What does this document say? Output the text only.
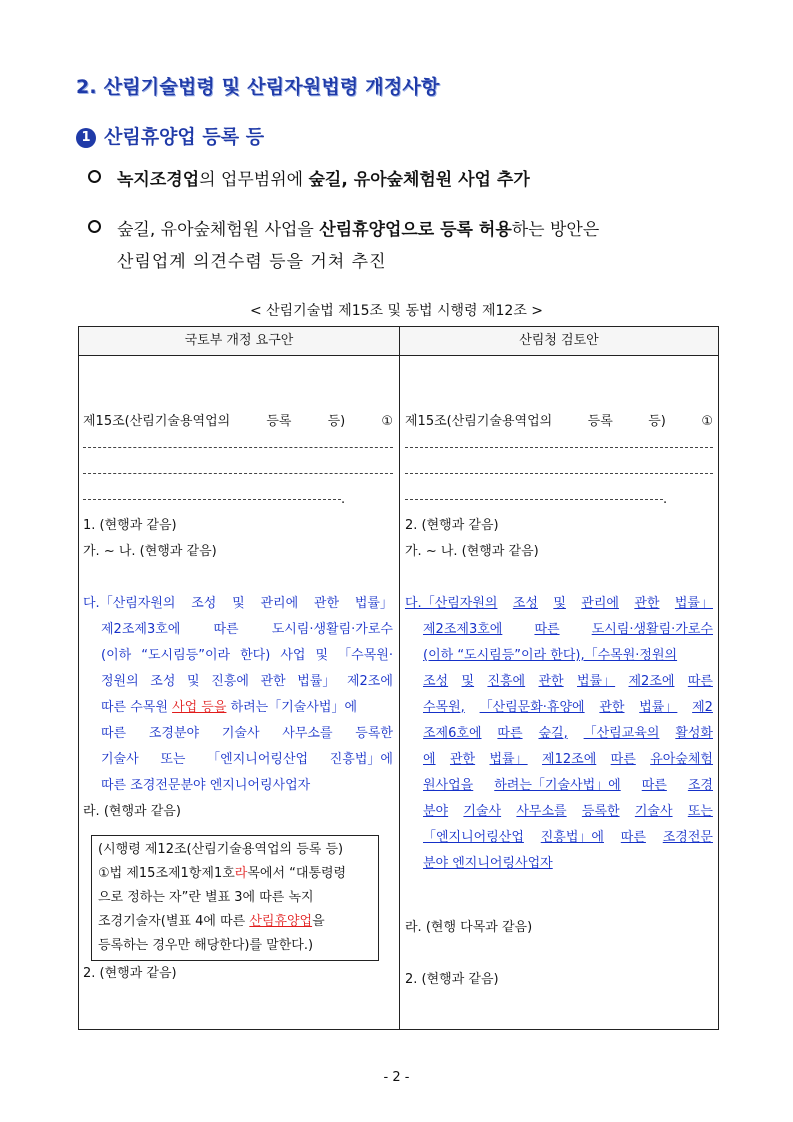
2. 산림기술법령 및 산림자원법령 개정사항
1 산림휴양업 등록 등
녹지조경업의 업무범위에 숲길, 유아숲체험원 사업 추가
숲길, 유아숲체험원 사업을 산림휴양업으로 등록 허용하는 방안은
산림업계 의견수렴 등을 거쳐 추진
< 산림기술법 제15조 및 동법 시행령 제12조 >
국토부 개정 요구안	산림청 검토안
제15조(산림기술용역업의	등록	등)	①
.
1. (현행과 같음)
가. ~ 나. (현행과 같음)
다.「산림자원의 조성 및 관리에 관한 법률」
제2조제3호에	따른	도시림·생활림·가로수
(이하 “도시림등”이라 한다) 사업 및 「수목원·
정원의 조성 및 진흥에 관한 법률」 제2조에
따른 수목원 사업 등을 하려는「기술사법」에
따른 조경분야 기술사 사무소를 등록한
기술사 또는 「엔지니어링산업 진흥법」에
따른 조경전문분야 엔지니어링사업자
라. (현행과 같음)
(시행령 제12조(산림기술용역업의 등록 등)
①법 제15조제1항제1호라목에서 “대통령령
으로 정하는 자”란 별표 3에 따른 녹지
조경기술자(별표 4에 따른 산림휴양업을
등록하는 경우만 해당한다)를 말한다.)
2. (현행과 같음)
제15조(산림기술용역업의	등록	등)	①
.
2. (현행과 같음)
가. ~ 나. (현행과 같음)
다.「산림자원의 조성 및 관리에 관한 법률」
제2조제3호에 따른 도시림·생활림·가로수
(이하 “도시림등”이라 한다),「수목원·정원의
조성 및 진흥에 관한 법률」 제2조에 따른
수목원, 「산림문화·휴양에 관한 법률」 제2
조제6호에 따른 숲길, 「산림교육의 활성화
에 관한 법률」 제12조에 따른 유아숲체험
원사업을 하려는「기술사법」에 따른 조경
분야 기술사 사무소를 등록한 기술사 또는
「엔지니어링산업 진흥법」에 따른 조경전문
분야 엔지니어링사업자
라. (현행 다목과 같음)
2. (현행과 같음)
- 2 -
